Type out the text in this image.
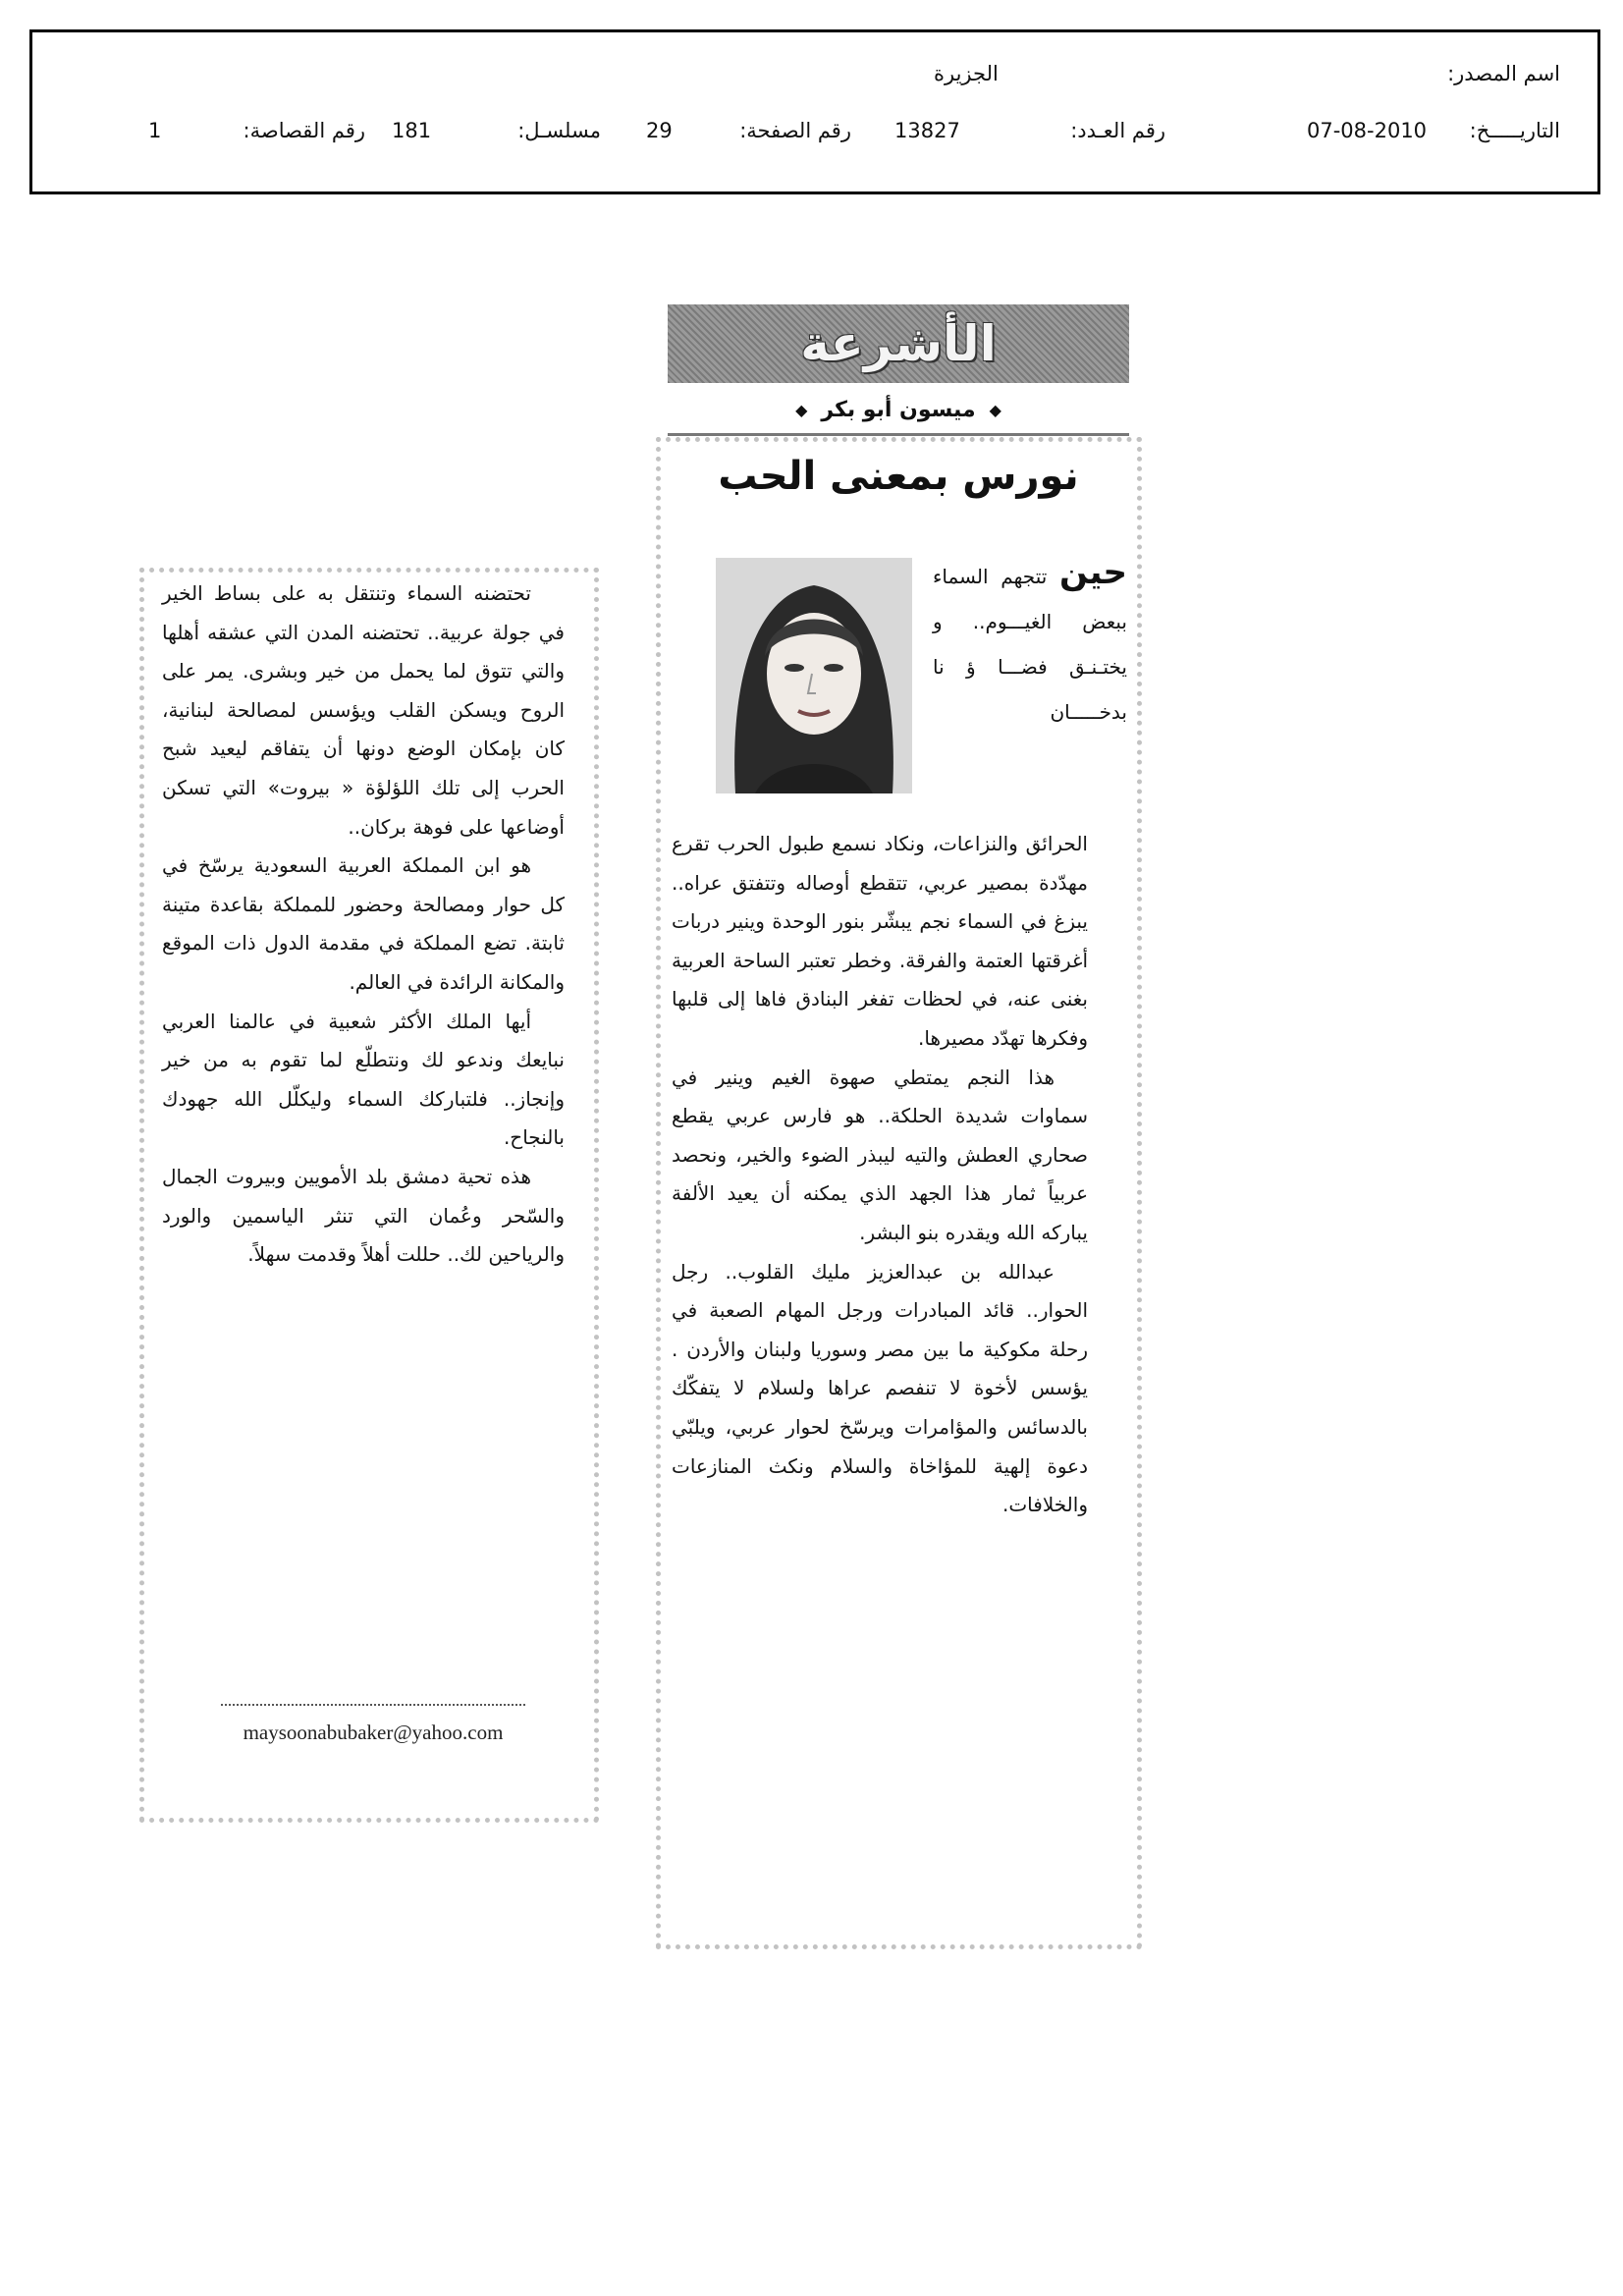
اسم المصدر:
الجزيرة
التاريـــــخ:
07-08-2010
رقم العـدد:
13827
رقم الصفحة:
29
مسلسـل:
181
رقم القصاصة:
1
الأشرعة
◆
ميسون أبو بكر
◆
نورس بمعنى الحب
حين تتجهم السماء ببعض الغيـــوم.. و يختـنـق فضـــا ؤ نا بدخـــــان

الحرائق والنزاعات، ونكاد نسمع طبول الحرب تقرع مهدّدة بمصير عربي، تتقطع أوصاله وتتفتق عراه.. يبزغ في السماء نجم يبشّر بنور الوحدة وينير دربات أغرقتها العتمة والفرقة. وخطر تعتبر الساحة العربية بغنى عنه، في لحظات تفغر البنادق فاها إلى قلبها وفكرها تهدّد مصيرها.

هذا النجم يمتطي صهوة الغيم وينير في سماوات شديدة الحلكة.. هو فارس عربي يقطع صحاري العطش والتيه ليبذر الضوء والخير، ونحصد عربياً ثمار هذا الجهد الذي يمكنه أن يعيد الألفة يباركه الله ويقدره بنو البشر.

عبدالله بن عبدالعزيز مليك القلوب.. رجل الحوار.. قائد المبادرات ورجل المهام الصعبة في رحلة مكوكية ما بين مصر وسوريا ولبنان والأردن . يؤسس لأخوة لا تنفصم عراها ولسلام لا يتفكّك بالدسائس والمؤامرات ويرسّخ لحوار عربي، ويلبّي دعوة إلهية للمؤاخاة والسلام ونكث المنازعات والخلافات.

تحتضنه السماء وتنتقل به على بساط الخير في جولة عربية.. تحتضنه المدن التي عشقه أهلها والتي تتوق لما يحمل من خير وبشرى. يمر على الروح ويسكن القلب ويؤسس لمصالحة لبنانية، كان بإمكان الوضع دونها أن يتفاقم ليعيد شبح الحرب إلى تلك اللؤلؤة « بيروت» التي تسكن أوضاعها على فوهة بركان..

هو ابن المملكة العربية السعودية يرسّخ في كل حوار ومصالحة وحضور للمملكة بقاعدة متينة ثابتة. تضع المملكة في مقدمة الدول ذات الموقع والمكانة الرائدة في العالم.

أيها الملك الأكثر شعبية في عالمنا العربي نبايعك وندعو لك ونتطلّع لما تقوم به من خير وإنجاز.. فلتباركك السماء وليكلّل الله جهودك بالنجاح.

هذه تحية دمشق بلد الأمويين وبيروت الجمال والسّحر وعُمان التي تنثر الياسمين والورد والرياحين لك.. حللت أهلاً وقدمت سهلاً.

maysoonabubaker@yahoo.com
